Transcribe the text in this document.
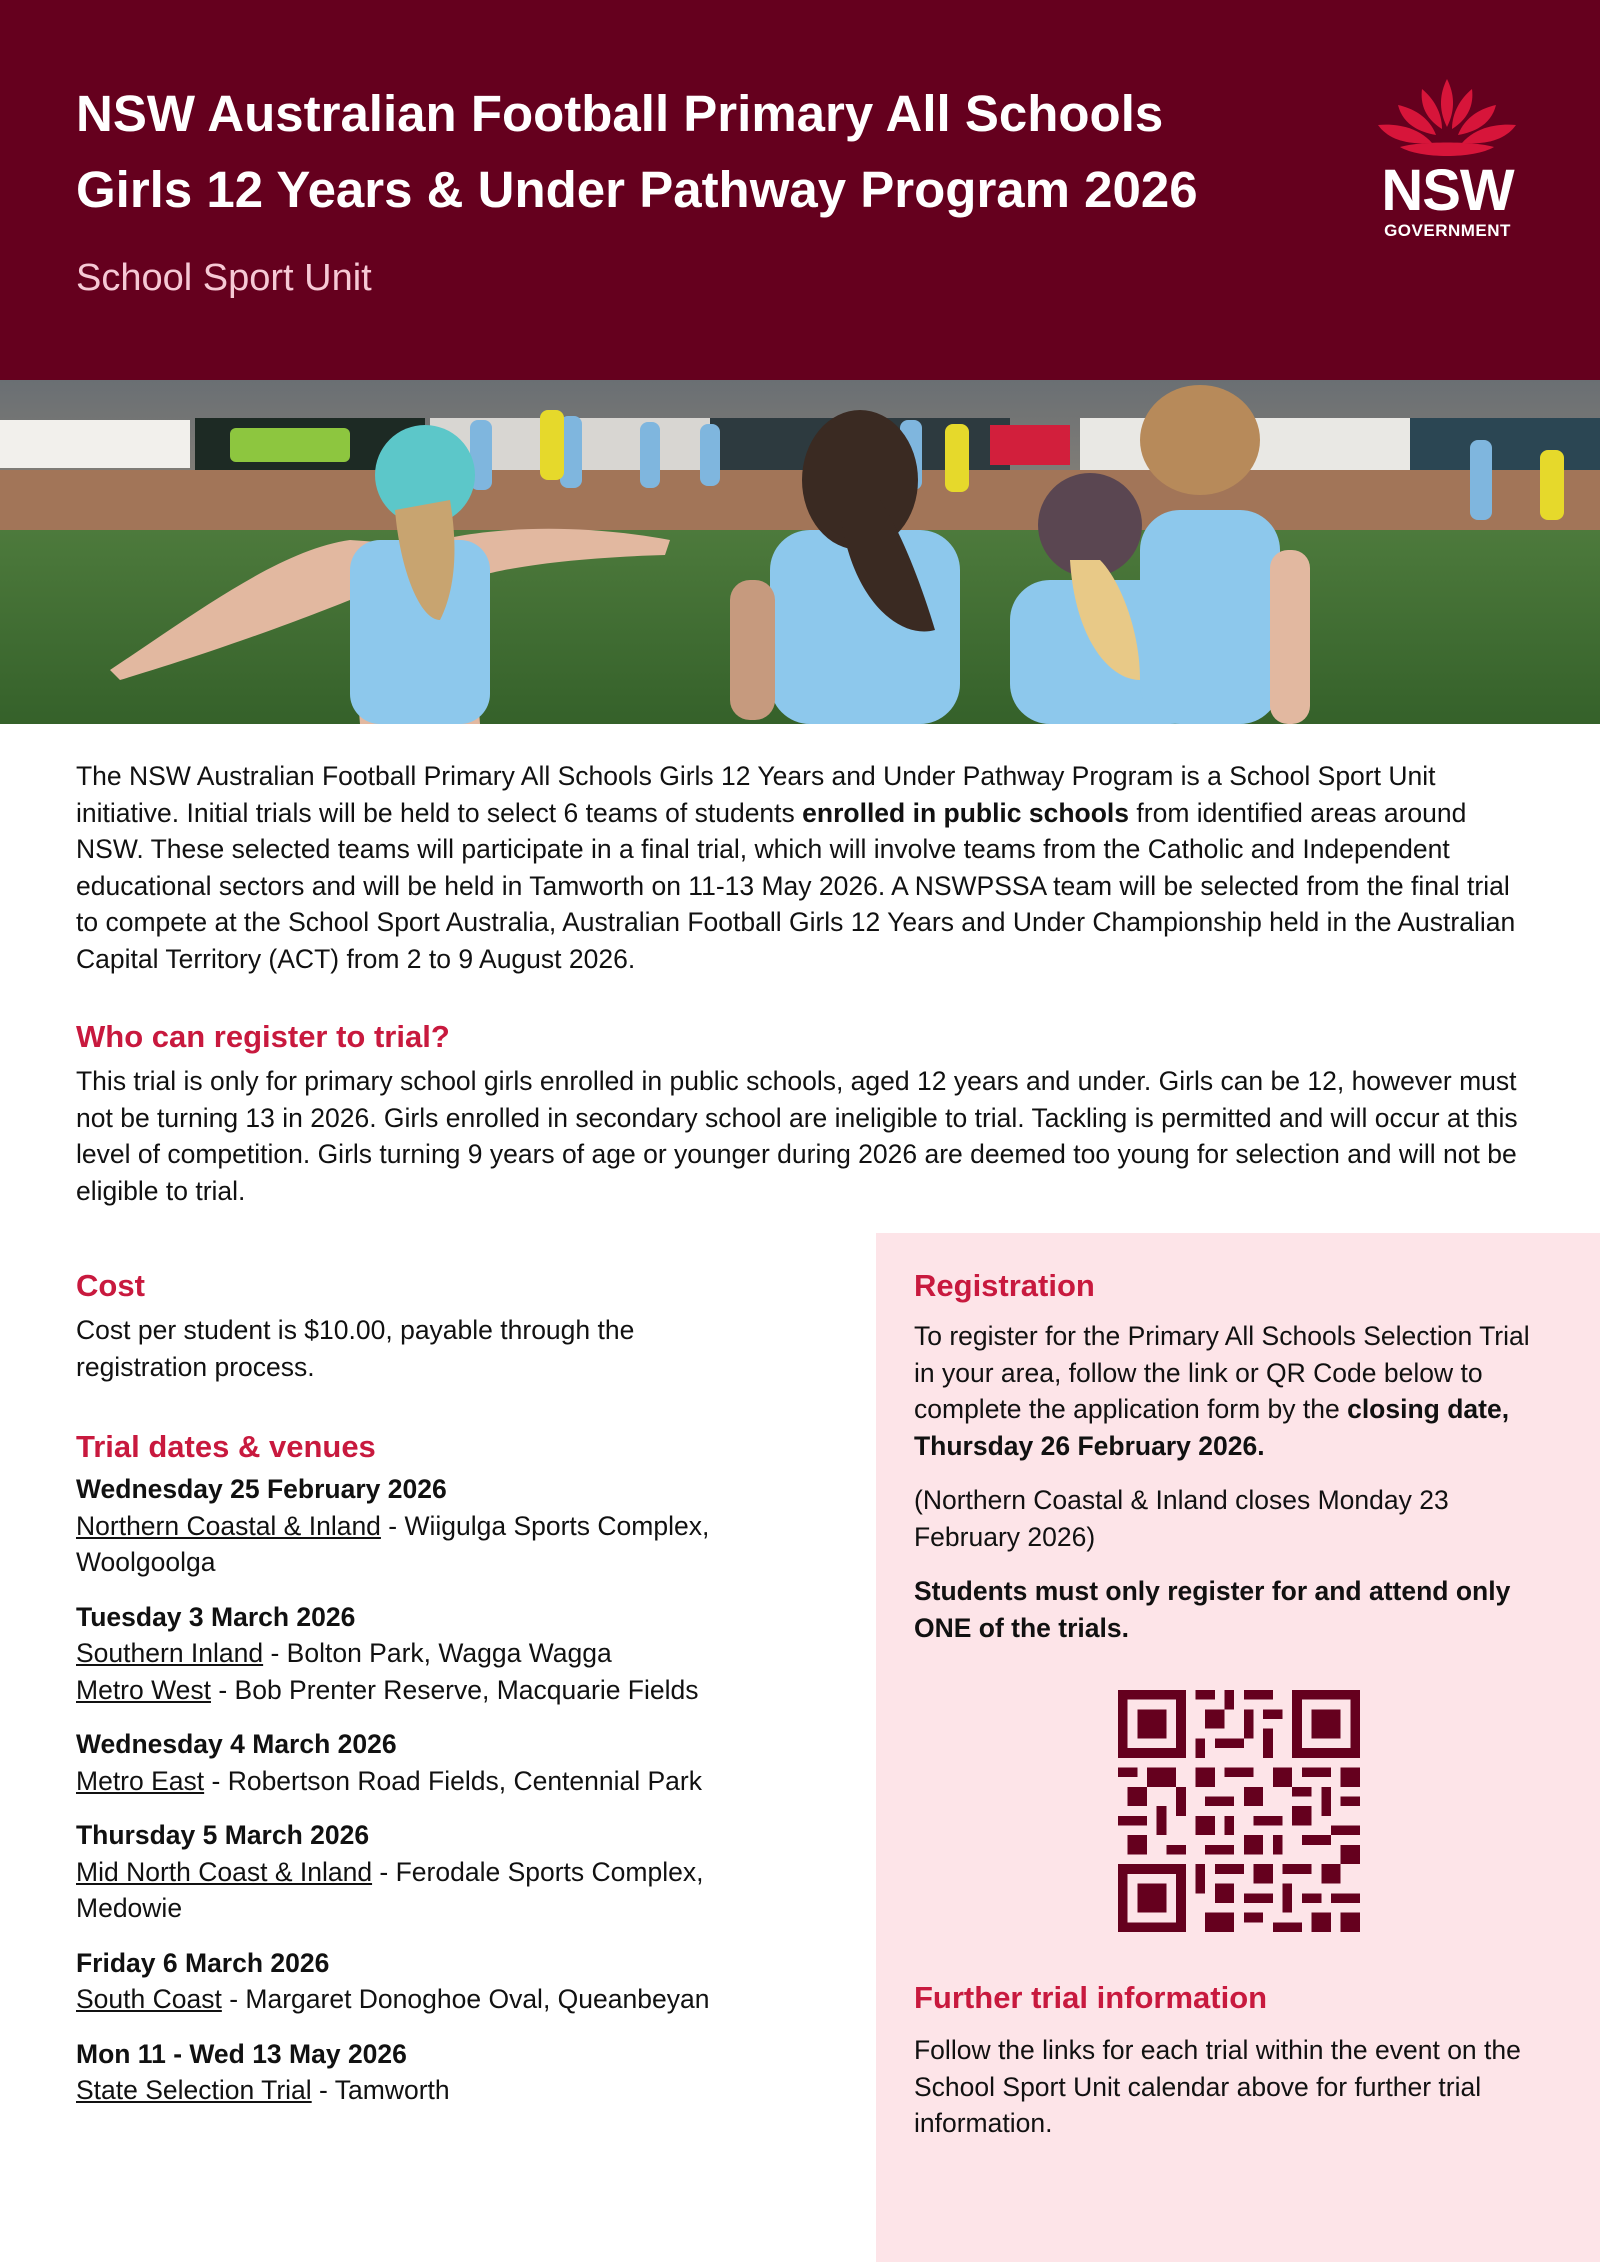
NSW Australian Football Primary All Schools
Girls 12 Years & Under Pathway Program 2026
School Sport Unit
NSW
GOVERNMENT

The NSW Australian Football Primary All Schools Girls 12 Years and Under Pathway Program is a School Sport Unit initiative. Initial trials will be held to select 6 teams of students enrolled in public schools from identified areas around NSW. These selected teams will participate in a final trial, which will involve teams from the Catholic and Independent educational sectors and will be held in Tamworth on 11-13 May 2026. A NSWPSSA team will be selected from the final trial to compete at the School Sport Australia, Australian Football Girls 12 Years and Under Championship held in the Australian Capital Territory (ACT) from 2 to 9 August 2026.

Who can register to trial?

This trial is only for primary school girls enrolled in public schools, aged 12 years and under. Girls can be 12, however must not be turning 13 in 2026. Girls enrolled in secondary school are ineligible to trial. Tackling is permitted and will occur at this level of competition. Girls turning 9 years of age or younger during 2026 are deemed too young for selection and will not be eligible to trial.

Cost

Cost per student is $10.00, payable through the registration process.

Trial dates & venues
Wednesday 25 February 2026
Northern Coastal & Inland - Wiigulga Sports Complex, Woolgoolga
Tuesday 3 March 2026
Southern Inland - Bolton Park, Wagga Wagga
Metro West - Bob Prenter Reserve, Macquarie Fields
Wednesday 4 March 2026
Metro East - Robertson Road Fields, Centennial Park
Thursday 5 March 2026
Mid North Coast & Inland - Ferodale Sports Complex, Medowie
Friday 6 March 2026
South Coast - Margaret Donoghoe Oval, Queanbeyan
Mon 11 - Wed 13 May 2026
State Selection Trial - Tamworth
Registration

To register for the Primary All Schools Selection Trial in your area, follow the link or QR Code below to complete the application form by the closing date, Thursday 26 February 2026.

(Northern Coastal & Inland closes Monday 23 February 2026)

Students must only register for and attend only ONE of the trials.

Further trial information

Follow the links for each trial within the event on the School Sport Unit calendar above for further trial information.
